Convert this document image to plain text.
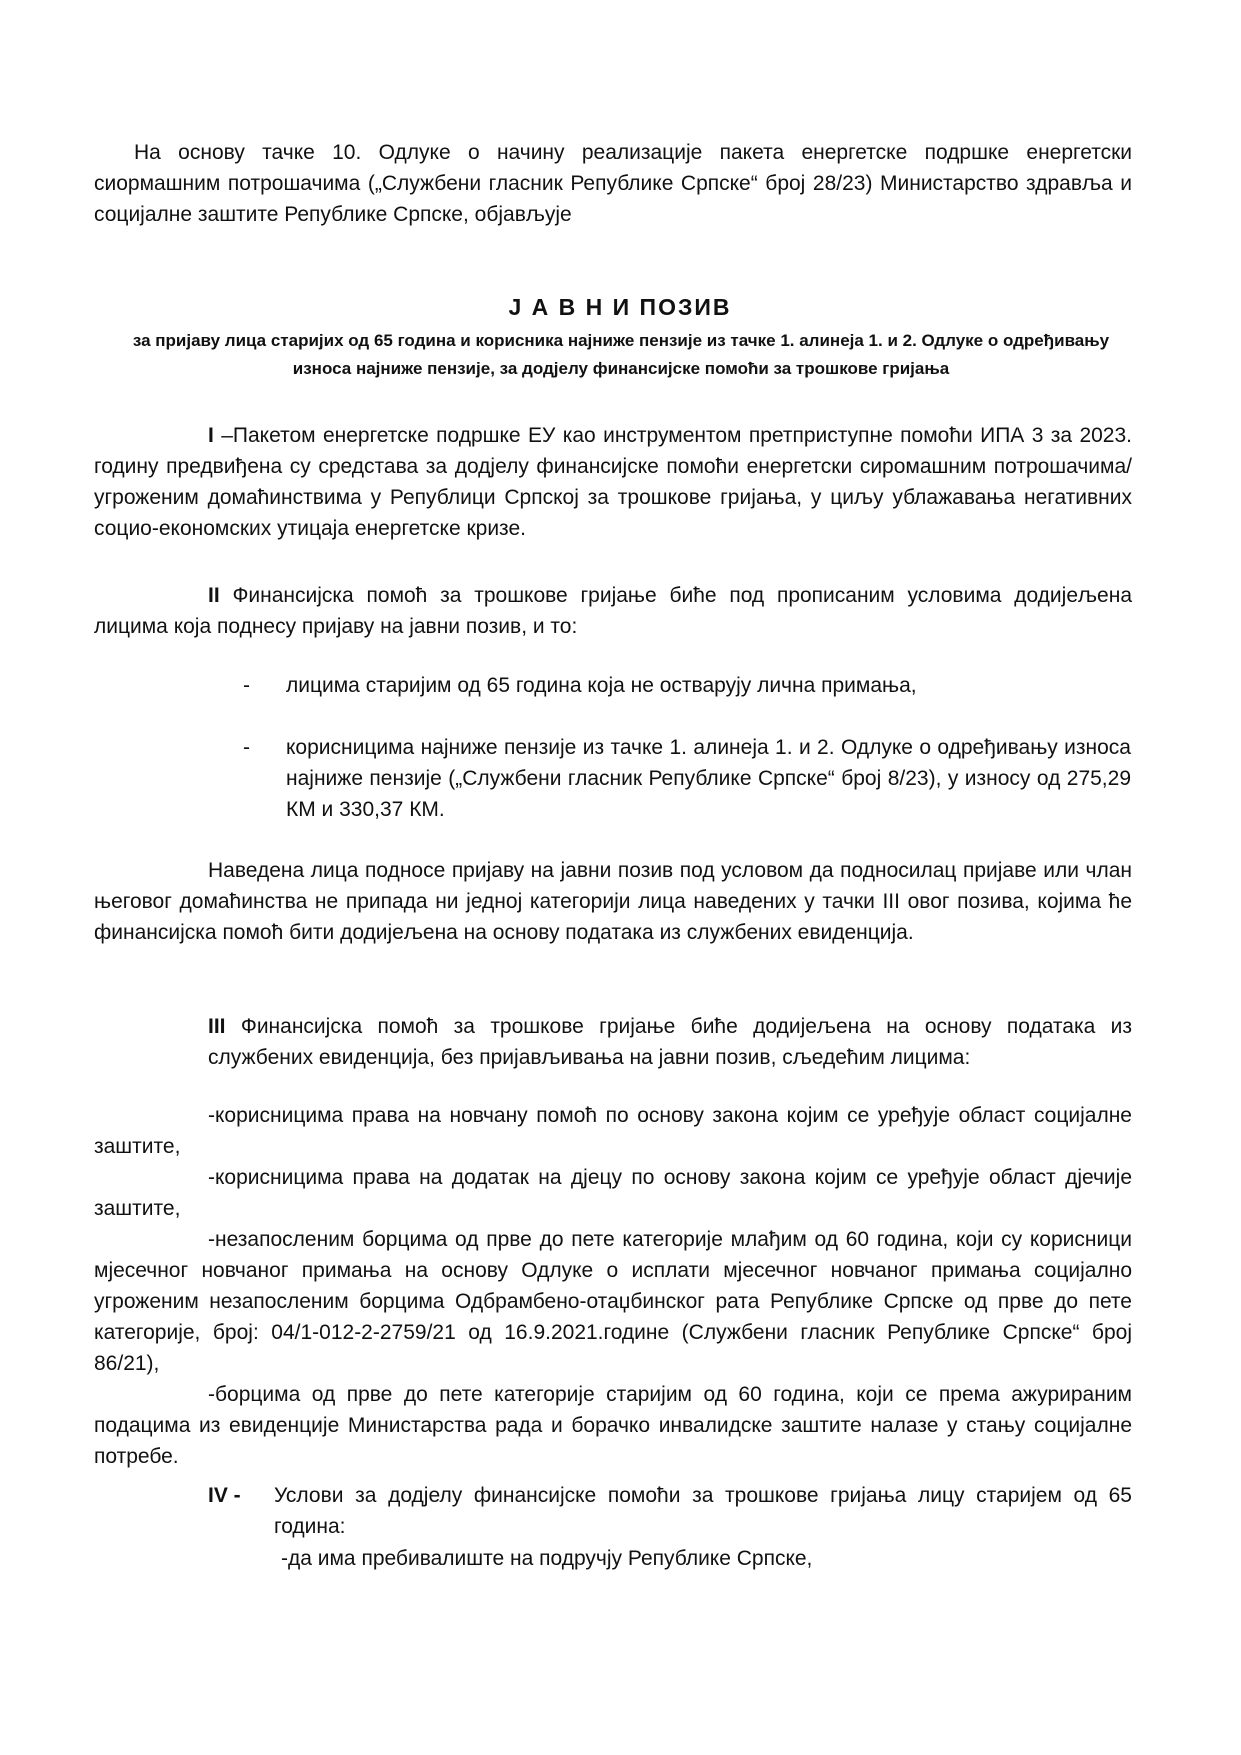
На основу тачке 10. Одлуке о начину реализације пакета енергетске подршке енергетски сиормашним потрошачима („Службени гласник Републике Српске“ број 28/23) Министарство здравља и социјалне заштите Републике Српске, објављује

Ј А В Н И ПОЗИВ

за пријаву лица старијих од 65 година и корисника најниже пензије из тачке 1. алинеја 1. и 2. Одлуке о одређивању износа најниже пензије, за додјелу финансијске помоћи за трошкове гријања

I –Пакетом енергетске подршке ЕУ као инструментом претприступне помоћи ИПА 3 за 2023. годину предвиђена су средстава за додјелу финансијске помоћи енергетски сиромашним потрошачима/угроженим домаћинствима у Републици Српској за трошкове гријања, у циљу ублажавања негативних социо-економских утицаја енергетске кризе.

II Финансијска помоћ за трошкове гријање биће под прописаним условима додијељена лицима која поднесу пријаву на јавни позив, и то:

-	лицима старијим од 65 година која не остварују лична примања,
-	корисницима најниже пензије из тачке 1. алинеја 1. и 2. Одлуке о одређивању износа најниже пензије („Службени гласник Републике Српске“ број 8/23), у износу од 275,29 КМ и 330,37 КМ.

Наведена лица подносе пријаву на јавни позив под условом да подносилац пријаве или члан његовог домаћинства не припада ни једној категорији лица наведених у тачки III овог позива, којима ће финансијска помоћ бити додијељена на основу података из службених евиденција.

III Финансијска помоћ за трошкове гријање биће додијељена на основу података из службених евиденција, без пријављивања на јавни позив, сљедећим лицима:

-корисницима права на новчану помоћ по основу закона којим се уређује област социјалне заштите,

-корисницима права на додатак на дјецу по основу закона којим се уређује област дјечије заштите,

-незапосленим борцима од прве до пете категорије млађим од 60 година, који су корисници мјесечног новчаног примања на основу Одлуке о исплати мјесечног новчаног примања социјално угроженим незапосленим борцима Одбрамбено-отаџбинског рата Републике Српске од прве до пете категорије, број: 04/1-012-2-2759/21 од 16.9.2021.године (Службени гласник Републике Српске“ број 86/21),

-борцима од прве до пете категорије старијим од 60 година, који се према ажурираним подацима из евиденције Министарства рада и борачко инвалидске заштите налазе у стању социјалне потребе.

IV -	Услови за додјелу финансијске помоћи за трошкове гријања лицу старијем од 65 година:

-да има пребивалиште на подручју Републике Српске,
